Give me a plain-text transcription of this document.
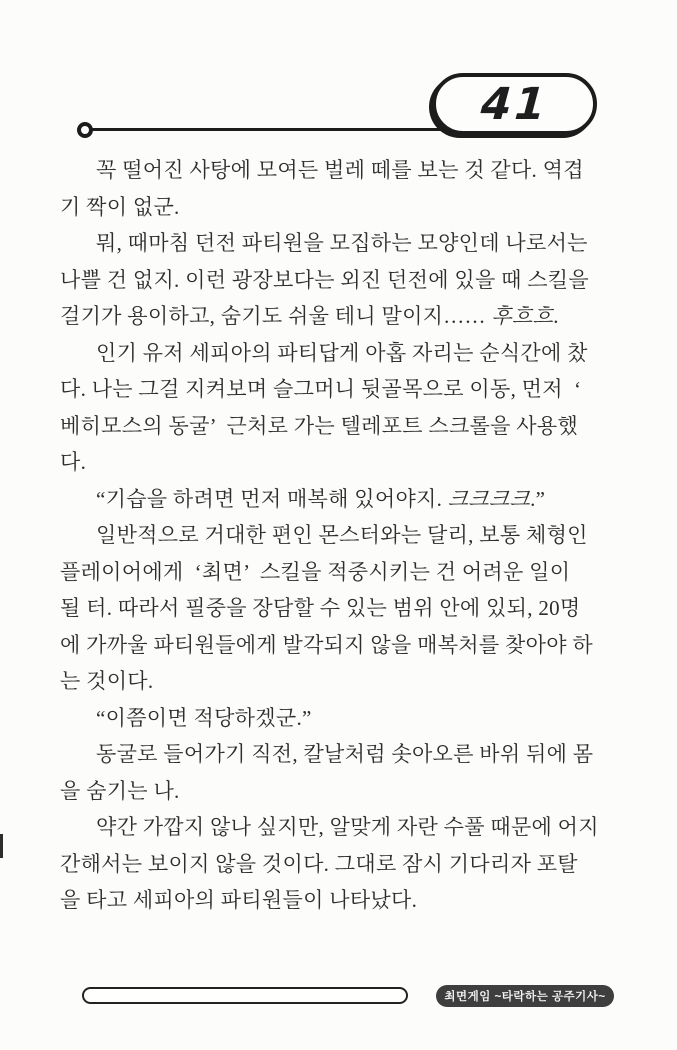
41
꼭 떨어진 사탕에 모여든 벌레 떼를 보는 것 같다. 역겹
기 짝이 없군.
뭐, 때마침 던전 파티원을 모집하는 모양인데 나로서는
나쁠 건 없지. 이런 광장보다는 외진 던전에 있을 때 스킬을
걸기가 용이하고, 숨기도 쉬울 테니 말이지…… 후흐흐.
인기 유저 세피아의 파티답게 아홉 자리는 순식간에 찼
다. 나는 그걸 지켜보며 슬그머니 뒷골목으로 이동, 먼저  ‘
베히모스의 동굴’  근처로 가는 텔레포트 스크롤을 사용했
다.
“기습을 하려면 먼저 매복해 있어야지. 크크크크.”
일반적으로 거대한 편인 몬스터와는 달리, 보통 체형인
플레이어에게  ‘최면’  스킬을 적중시키는 건 어려운 일이
될 터. 따라서 필중을 장담할 수 있는 범위 안에 있되, 20명
에 가까울 파티원들에게 발각되지 않을 매복처를 찾아야 하
는 것이다.
“이쯤이면 적당하겠군.”
동굴로 들어가기 직전, 칼날처럼 솟아오른 바위 뒤에 몸
을 숨기는 나.
약간 가깝지 않나 싶지만, 알맞게 자란 수풀 때문에 어지
간해서는 보이지 않을 것이다. 그대로 잠시 기다리자 포탈
을 타고 세피아의 파티원들이 나타났다.
최면게임 ~타락하는 공주기사~
